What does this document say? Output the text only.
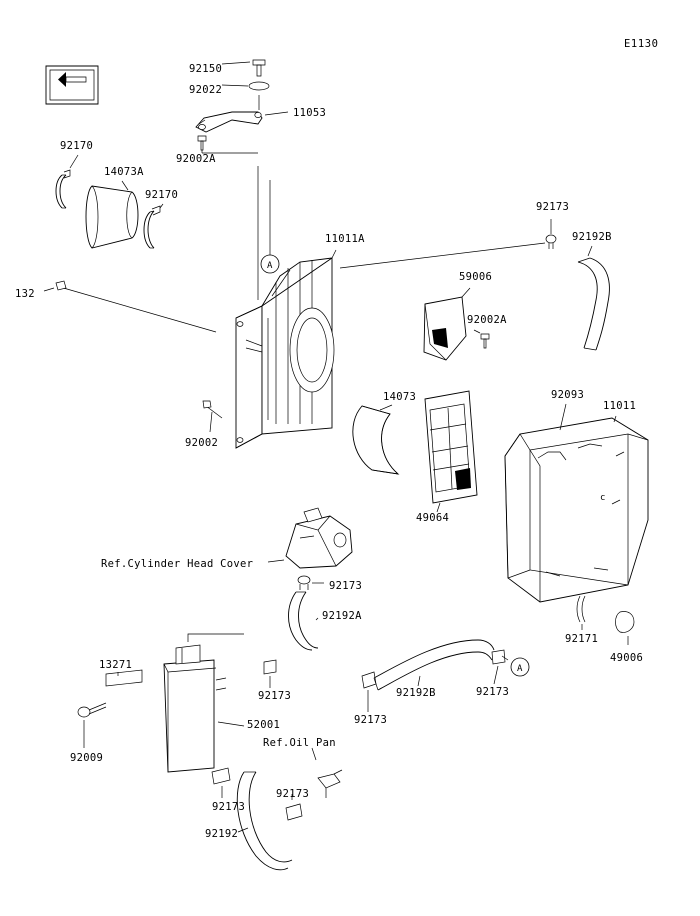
c
A
A
E1130
92150
92022
11053
92002A
92170
14073A
92170
132
92002
11011A
59006
92002A
92173
92192B
14073
49064
92093
11011
92171
49006
Ref.Cylinder Head Cover
92173
92192A
13271
92173	92192B
92173
92173
52001
92009
Ref.Oil Pan
92173
92173
92192
